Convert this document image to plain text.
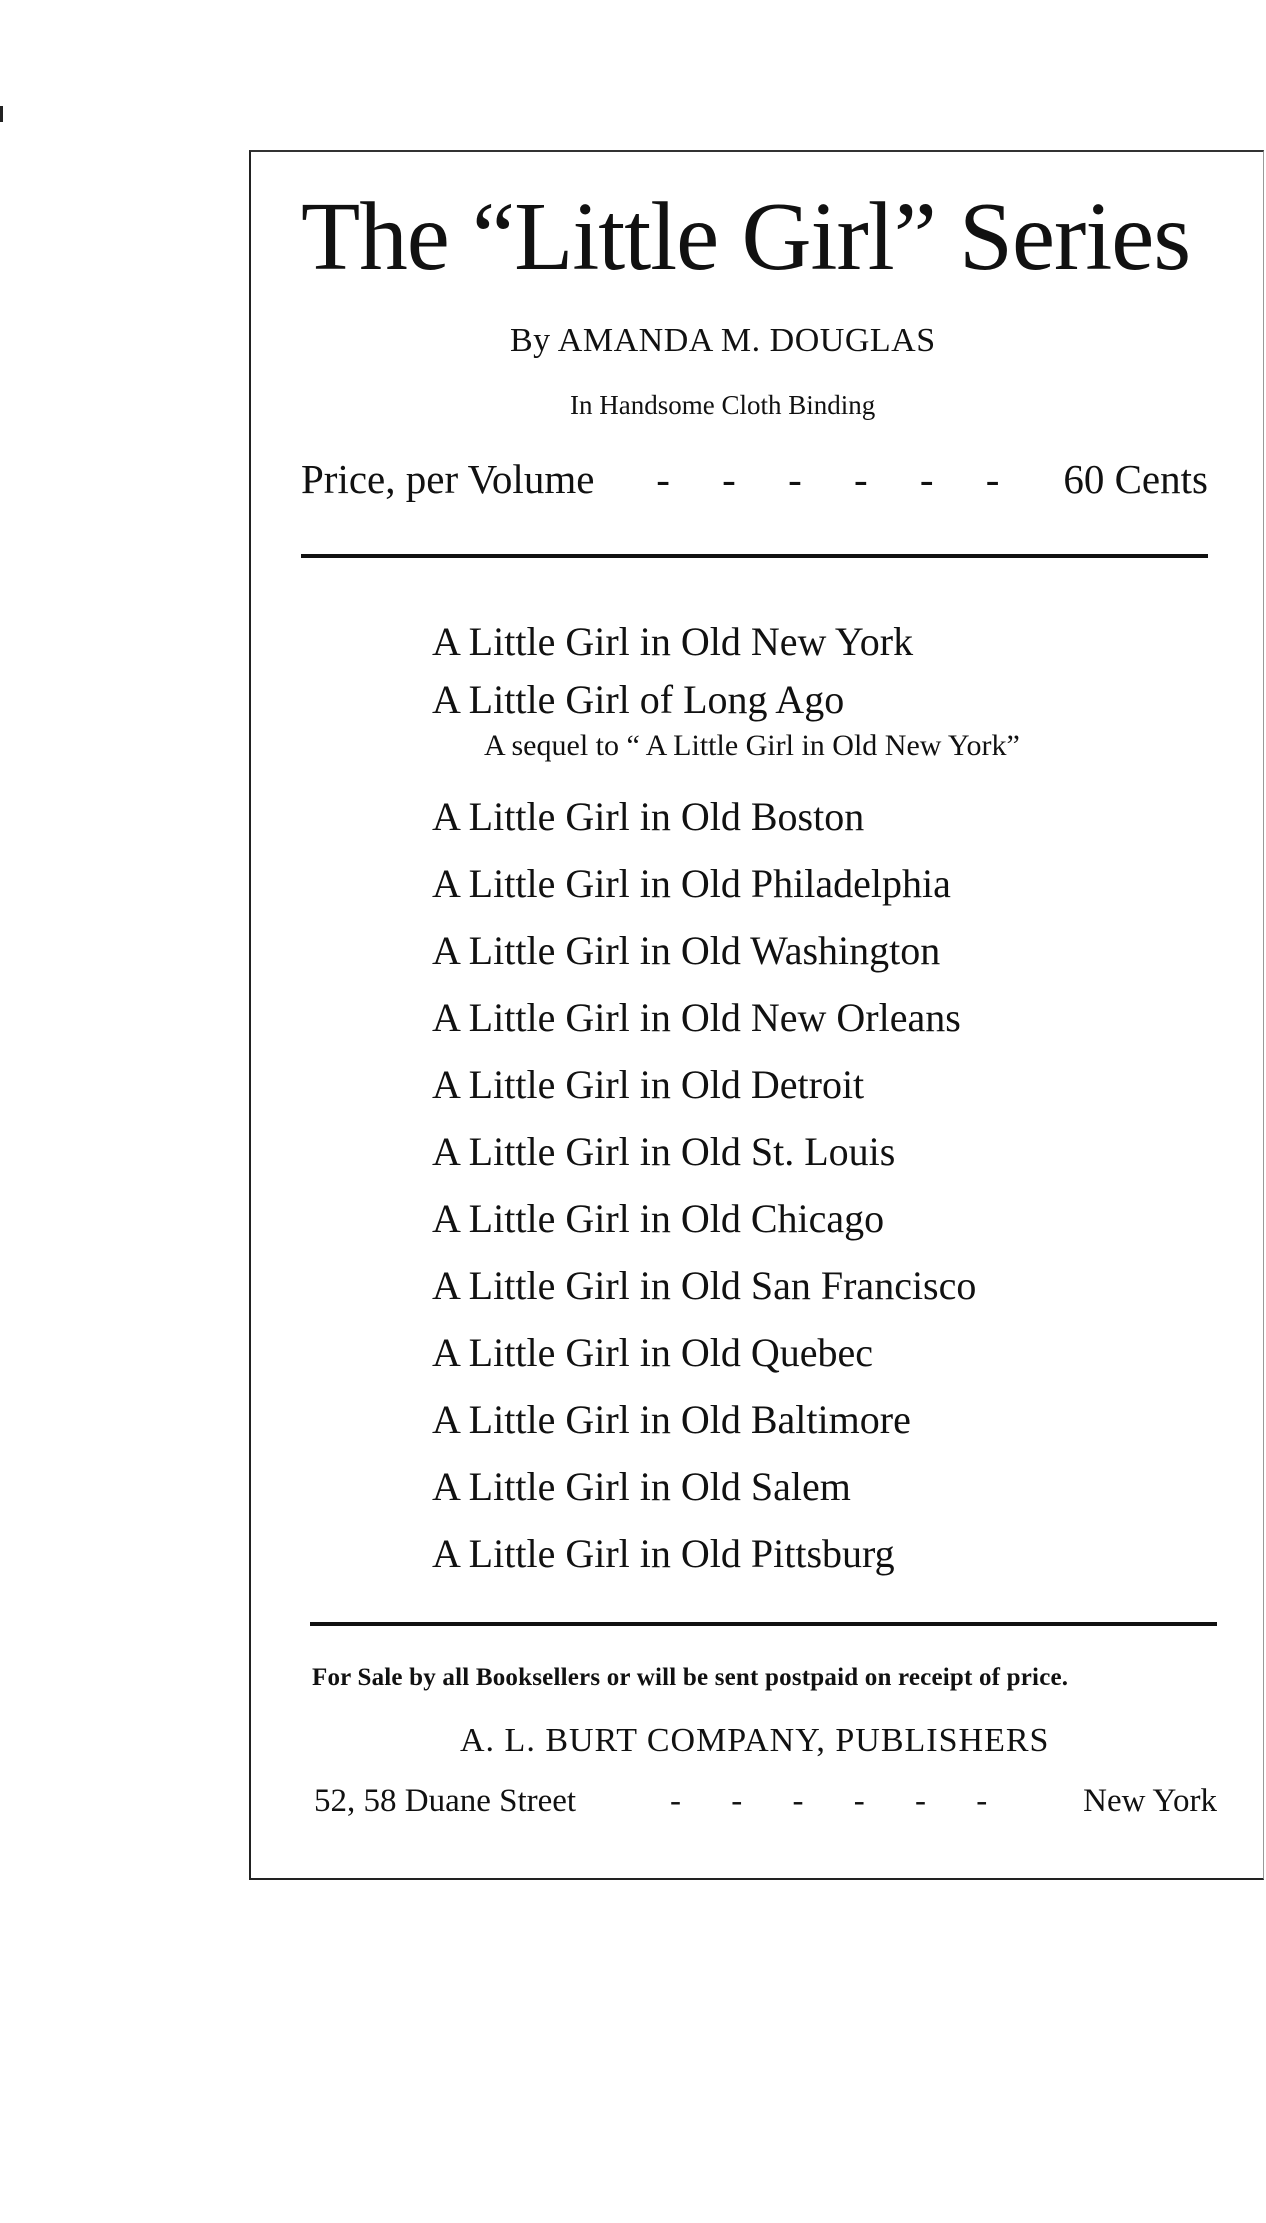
The “Little Girl” Series
By AMANDA M. DOUGLAS
In Handsome Cloth Binding
Price, per Volume - - - - - - 60 Cents
A Little Girl in Old New York
A Little Girl of Long Ago
A sequel to “ A Little Girl in Old New York”
A Little Girl in Old Boston
A Little Girl in Old Philadelphia
A Little Girl in Old Washington
A Little Girl in Old New Orleans
A Little Girl in Old Detroit
A Little Girl in Old St. Louis
A Little Girl in Old Chicago
A Little Girl in Old San Francisco
A Little Girl in Old Quebec
A Little Girl in Old Baltimore
A Little Girl in Old Salem
A Little Girl in Old Pittsburg
For Sale by all Booksellers or will be sent postpaid on receipt of price.
A. L. BURT COMPANY, PUBLISHERS
52, 58 Duane Street	- - - - - -	New York
